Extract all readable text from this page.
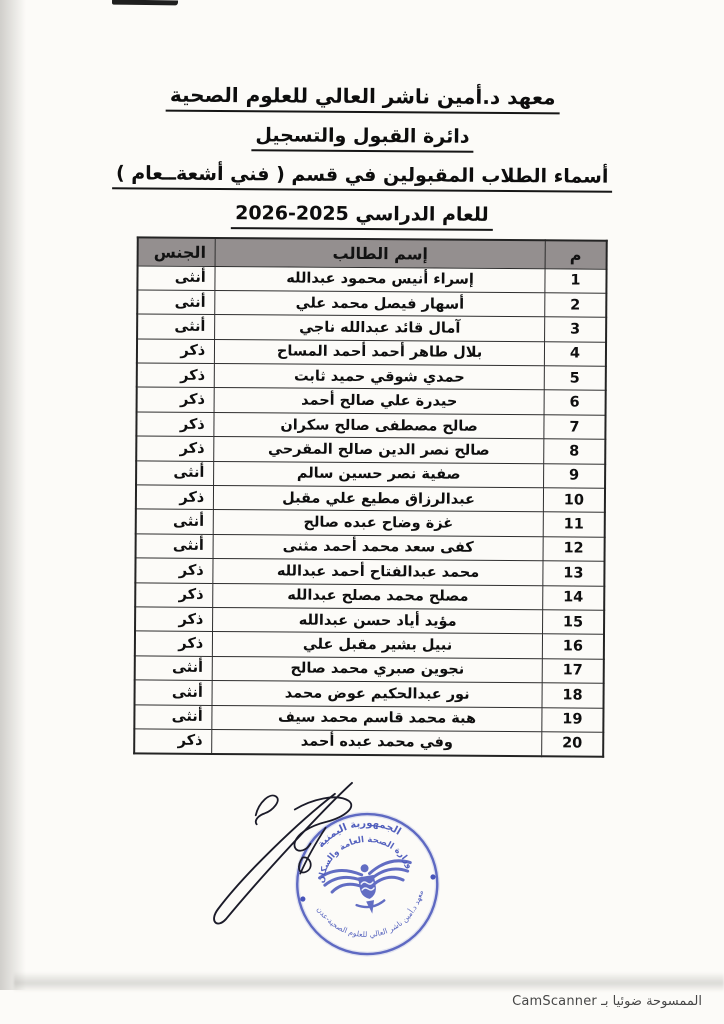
معهد د.أمين ناشر العالي للعلوم الصحية
دائرة القبول والتسجيل
أسماء الطلاب المقبولين في قسم ( فني أشعةــعام )
للعام الدراسي 2025-2026
م	إسم الطالب	الجنس
1	إسراء أنيس محمود عبدالله	أنثى
2	أسهار فيصل محمد علي	أنثى
3	آمال قائد عبدالله ناجي	أنثى
4	بلال طاهر أحمد أحمد المساح	ذكر
5	حمدي شوقي حميد ثابت	ذكر
6	حيدرة علي صالح أحمد	ذكر
7	صالح مصطفى صالح سكران	ذكر
8	صالح نصر الدين صالح المقرحي	ذكر
9	صفية نصر حسين سالم	أنثى
10	عبدالرزاق مطيع علي مقبل	ذكر
11	غزة وضاح عبده صالح	أنثى
12	كفى سعد محمد أحمد مثنى	أنثى
13	محمد عبدالفتاح أحمد عبدالله	ذكر
14	مصلح محمد مصلح عبدالله	ذكر
15	مؤيد أياد حسن عبدالله	ذكر
16	نبيل بشير مقبل علي	ذكر
17	نجوين صبري محمد صالح	أنثى
18	نور عبدالحكيم عوض محمد	أنثى
19	هبة محمد قاسم محمد سيف	أنثى
20	وفي محمد عبده أحمد	ذكر
الجمهورية اليمنية
وزارة الصحة العامة والسكان
معهد د.أمين ناشر العالي للعلوم الصحية-عدن
الممسوحة ضوئيا بـ CamScanner
